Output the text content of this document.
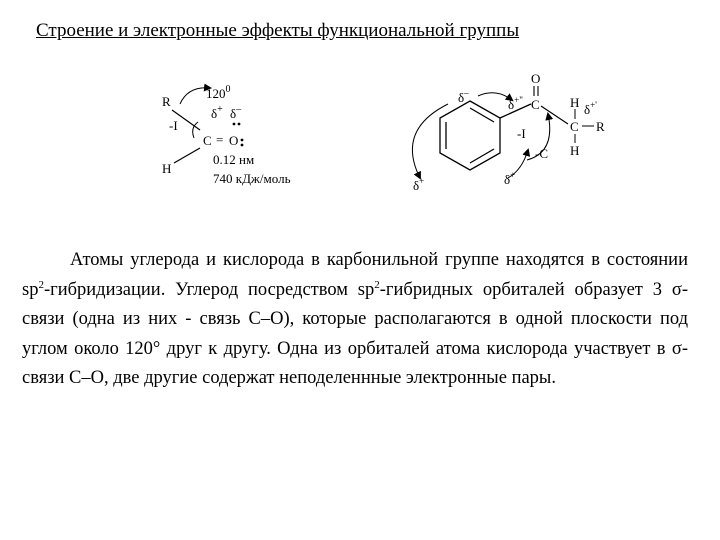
Строение и электронные эффекты функциональной группы
$120^0$
R
-I
δ+ δ–
C = O
H
0.12 нм
740 кДж/моль
O
C
δ+"	H
C
δ+'
R
H
-I
-C
δ–
δ+	δ+

Атомы углерода и кислорода в карбонильной группе находятся в состоянии $sp^2$-гибридизации. Углерод посредством $sp^2$-гибридных орбиталей образует 3 σ-связи (одна из них - связь С–О), которые располагаются в одной плоскости под углом около 120° друг к другу. Одна из орбиталей атома кислорода участвует в σ-связи С–О, две другие содержат неподеленнные электронные пары.
